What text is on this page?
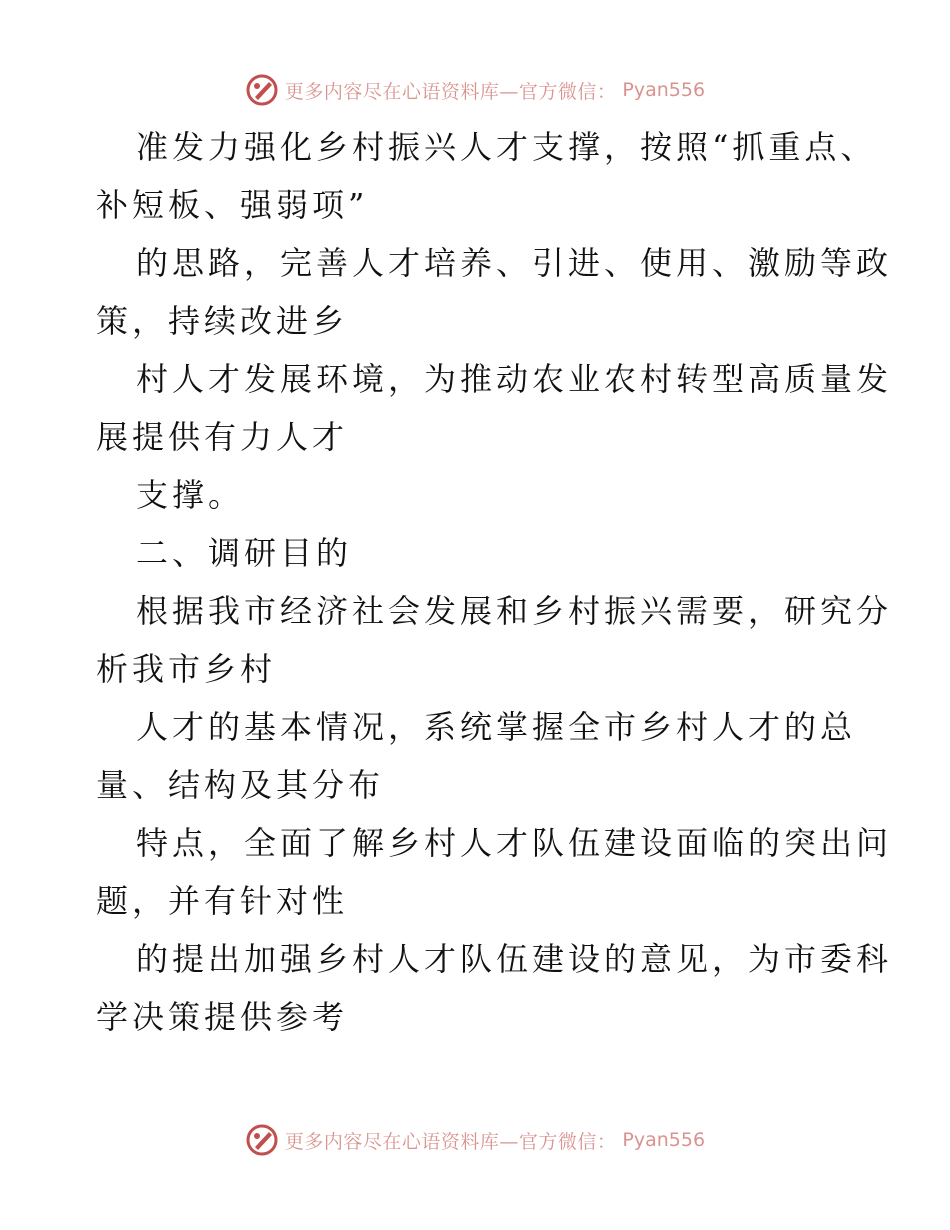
更多内容尽在心语资料库—官方微信： Pyan556

准发力强化乡村振兴人才支撑，按照“抓重点、

补短板、强弱项”

的思路，完善人才培养、引进、使用、激励等政

策，持续改进乡

村人才发展环境，为推动农业农村转型高质量发

展提供有力人才

支撑。

二、调研目的

根据我市经济社会发展和乡村振兴需要，研究分

析我市乡村

人才的基本情况，系统掌握全市乡村人才的总

量、结构及其分布

特点，全面了解乡村人才队伍建设面临的突出问

题，并有针对性

的提出加强乡村人才队伍建设的意见，为市委科

学决策提供参考

更多内容尽在心语资料库—官方微信： Pyan556
